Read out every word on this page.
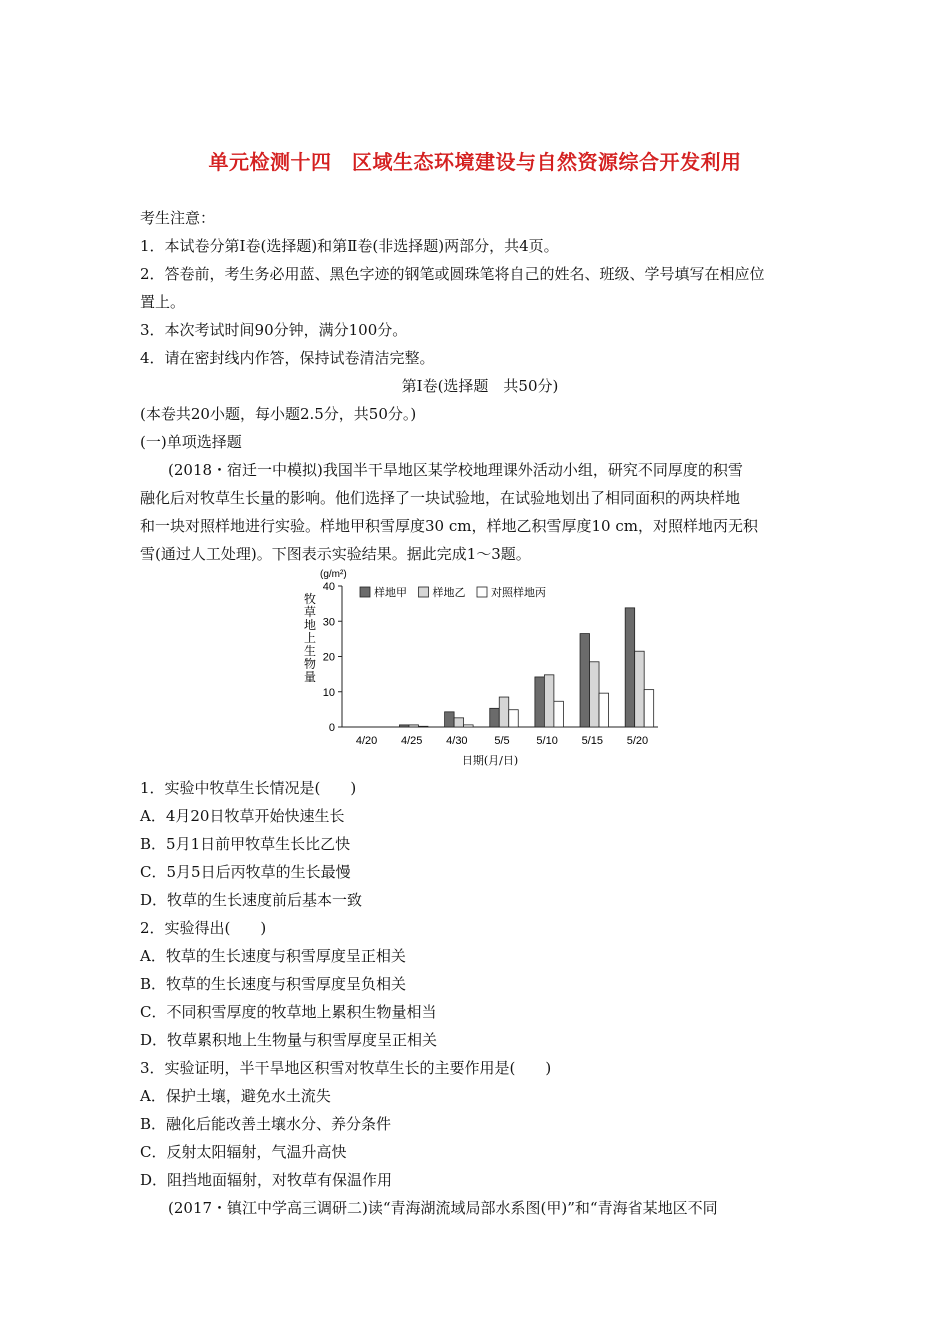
单元检测十四　区域生态环境建设与自然资源综合开发利用
考生注意：
1．本试卷分第Ⅰ卷(选择题)和第Ⅱ卷(非选择题)两部分，共4页。
2．答卷前，考生务必用蓝、黑色字迹的钢笔或圆珠笔将自己的姓名、班级、学号填写在相应位
置上。
3．本次考试时间90分钟，满分100分。
4．请在密封线内作答，保持试卷清洁完整。
第Ⅰ卷(选择题　共50分)
(本卷共20小题，每小题2.5分，共50分。)
(一)单项选择题
(2018・宿迁一中模拟)我国半干旱地区某学校地理课外活动小组，研究不同厚度的积雪
融化后对牧草生长量的影响。他们选择了一块试验地，在试验地划出了相同面积的两块样地
和一块对照样地进行实验。样地甲积雪厚度30 cm，样地乙积雪厚度10 cm，对照样地丙无积
雪(通过人工处理)。下图表示实验结果。据此完成1～3题。
(g/m²)
牧
草
地
上
生
物
量
0
10
20
30
40
4/20 4/25 4/30 5/5 5/10 5/15 5/20
样地甲 样地乙 对照样地丙
日期(月/日)
1．实验中牧草生长情况是(　　)
A．4月20日牧草开始快速生长
B．5月1日前甲牧草生长比乙快
C．5月5日后丙牧草的生长最慢
D．牧草的生长速度前后基本一致
2．实验得出(　　)
A．牧草的生长速度与积雪厚度呈正相关
B．牧草的生长速度与积雪厚度呈负相关
C．不同积雪厚度的牧草地上累积生物量相当
D．牧草累积地上生物量与积雪厚度呈正相关
3．实验证明，半干旱地区积雪对牧草生长的主要作用是(　　)
A．保护土壤，避免水土流失
B．融化后能改善土壤水分、养分条件
C．反射太阳辐射，气温升高快
D．阻挡地面辐射，对牧草有保温作用
(2017・镇江中学高三调研二)读“青海湖流域局部水系图(甲)”和“青海省某地区不同
